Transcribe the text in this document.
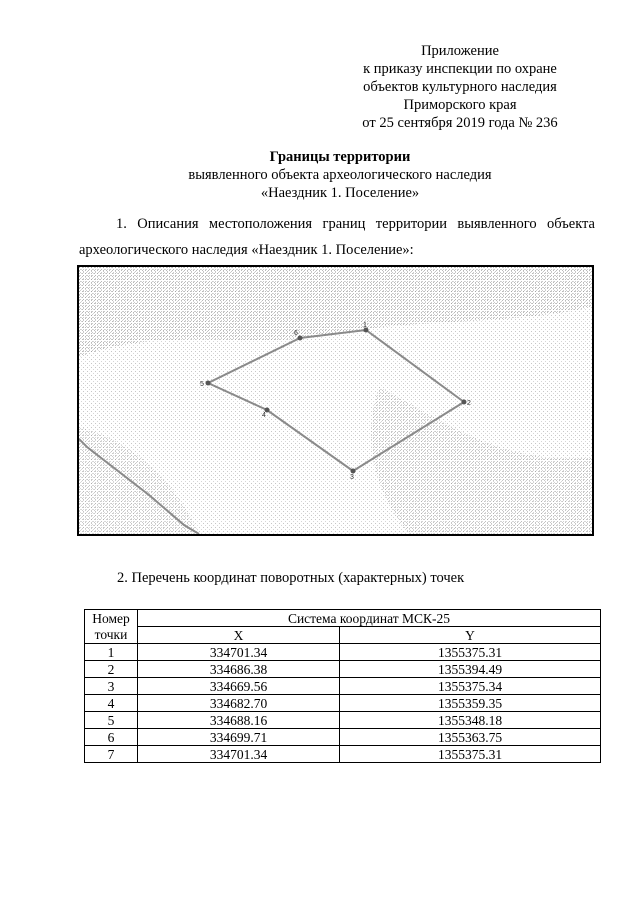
Приложение
к приказу инспекции по охране
объектов культурного наследия
Приморского края
от 25 сентября 2019 года № 236
Границы территории
выявленного объекта археологического наследия
«Наездник 1. Поселение»
1. Описания местоположения границ территории выявленного объекта
археологического наследия «Наездник 1. Поселение»:
1
2
3
4
5
6
2. Перечень координат поворотных (характерных) точек
Номер	Система координат МСК-25	
точки	X	Y
1	334701.34	1355375.31
2	334686.38	1355394.49
3	334669.56	1355375.34
4	334682.70	1355359.35
5	334688.16	1355348.18
6	334699.71	1355363.75
7	334701.34	1355375.31
